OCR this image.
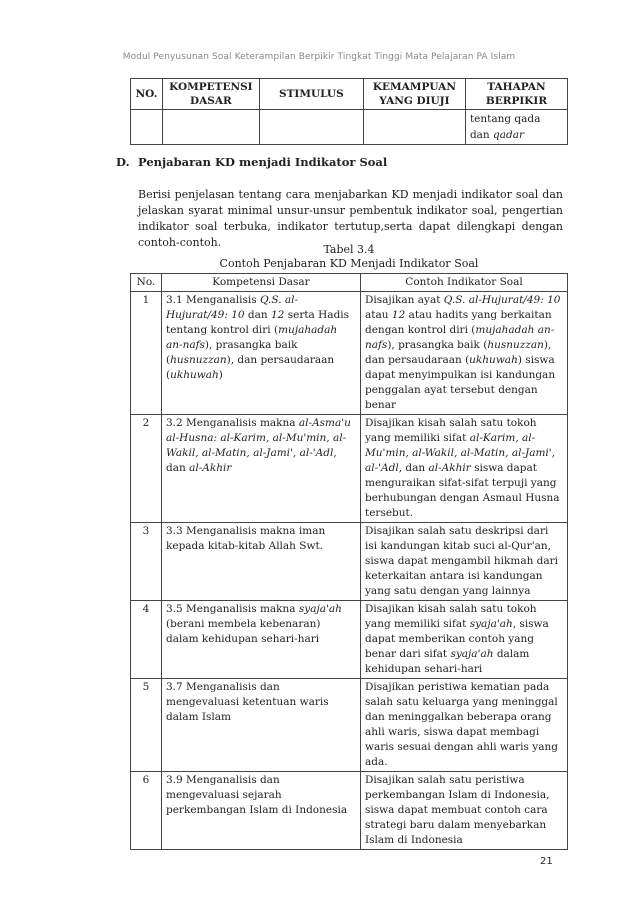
Modul Penyusunan Soal Keterampilan Berpikir Tingkat Tinggi Mata Pelajaran PA Islam
NO.	KOMPETENSI DASAR	STIMULUS	KEMAMPUAN YANG DIUJI	TAHAPAN BERPIKIR
				tentang qada dan qadar
D. Penjabaran KD menjadi Indikator Soal
Berisi penjelasan tentang cara menjabarkan KD menjadi indikator soal dan jelaskan syarat minimal unsur-unsur pembentuk indikator soal, pengertian indikator soal terbuka, indikator tertutup,serta dapat dilengkapi dengan contoh-contoh.
Tabel 3.4
Contoh Penjabaran KD Menjadi Indikator Soal
No.	Kompetensi Dasar	Contoh Indikator Soal
1	3.1 Menganalisis Q.S. al-Hujurat/49: 10 dan 12 serta Hadis tentang kontrol diri (mujahadah an-nafs), prasangka baik (husnuzzan), dan persaudaraan (ukhuwah)	Disajikan ayat Q.S. al-Hujurat/49: 10 atau 12 atau hadits yang berkaitan dengan kontrol diri (mujahadah an-nafs), prasangka baik (husnuzzan), dan persaudaraan (ukhuwah) siswa dapat menyimpulkan isi kandungan penggalan ayat tersebut dengan benar
2	3.2 Menganalisis makna al-Asma'u al-Husna: al-Karim, al-Mu'min, al-Wakil, al-Matin, al-Jami', al-'Adl, dan al-Akhir	Disajikan kisah salah satu tokoh yang memiliki sifat al-Karim, al-Mu'min, al-Wakil, al-Matin, al-Jami', al-'Adl, dan al-Akhir siswa dapat menguraikan sifat-sifat terpuji yang berhubungan dengan Asmaul Husna tersebut.
3	3.3 Menganalisis makna iman kepada kitab-kitab Allah Swt.	Disajikan salah satu deskripsi dari isi kandungan kitab suci al-Qur'an, siswa dapat mengambil hikmah dari keterkaitan antara isi kandungan yang satu dengan yang lainnya
4	3.5 Menganalisis makna syaja'ah (berani membela kebenaran) dalam kehidupan sehari-hari	Disajikan kisah salah satu tokoh yang memiliki sifat syaja'ah, siswa dapat memberikan contoh yang benar dari sifat syaja'ah dalam kehidupan sehari-hari
5	3.7 Menganalisis dan mengevaluasi ketentuan waris dalam Islam	Disajikan peristiwa kematian pada salah satu keluarga yang meninggal dan meninggalkan beberapa orang ahli waris, siswa dapat membagi waris sesuai dengan ahli waris yang ada.
6	3.9 Menganalisis dan mengevaluasi sejarah perkembangan Islam di Indonesia	Disajikan salah satu peristiwa perkembangan Islam di Indonesia, siswa dapat membuat contoh cara strategi baru dalam menyebarkan Islam di Indonesia
21
